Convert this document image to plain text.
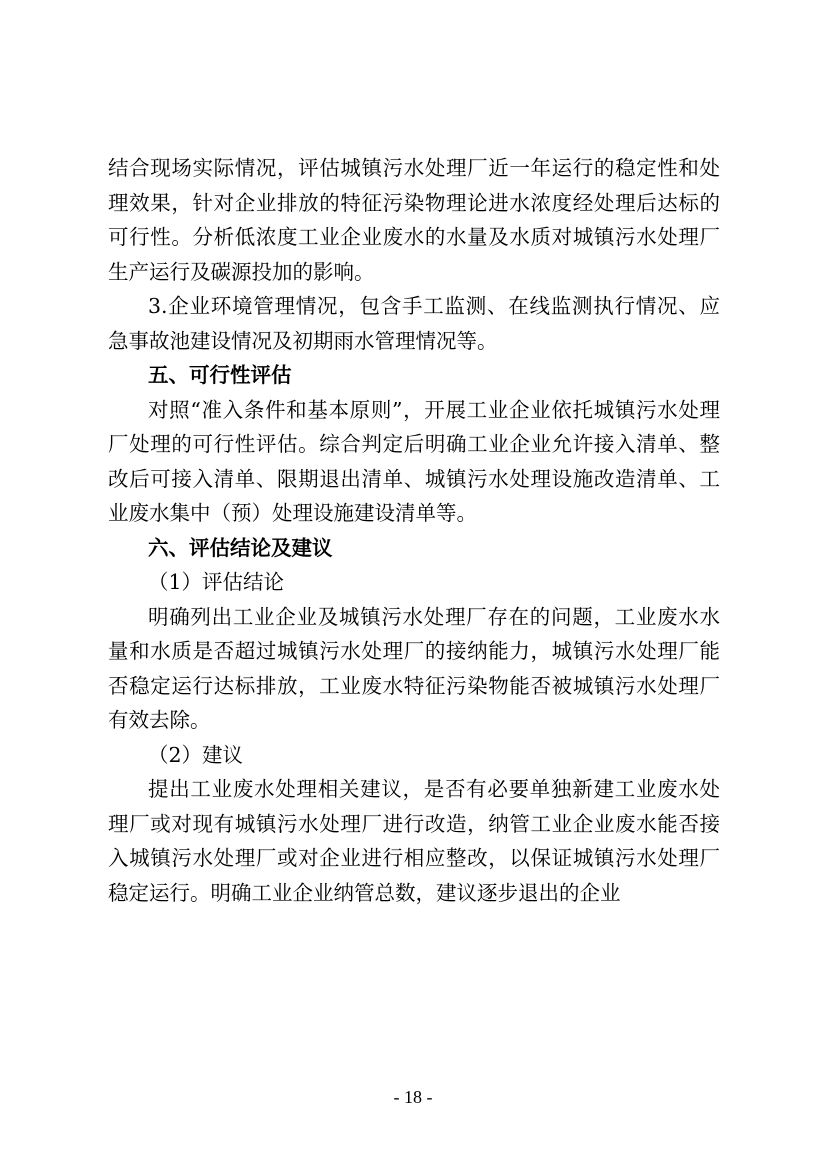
结合现场实际情况，评估城镇污水处理厂近一年运行的稳定性和处理效果，针对企业排放的特征污染物理论进水浓度经处理后达标的可行性。分析低浓度工业企业废水的水量及水质对城镇污水处理厂生产运行及碳源投加的影响。

3.企业环境管理情况，包含手工监测、在线监测执行情况、应急事故池建设情况及初期雨水管理情况等。

五、可行性评估

对照“准入条件和基本原则”，开展工业企业依托城镇污水处理厂处理的可行性评估。综合判定后明确工业企业允许接入清单、整改后可接入清单、限期退出清单、城镇污水处理设施改造清单、工业废水集中（预）处理设施建设清单等。

六、评估结论及建议

（1）评估结论

明确列出工业企业及城镇污水处理厂存在的问题，工业废水水量和水质是否超过城镇污水处理厂的接纳能力，城镇污水处理厂能否稳定运行达标排放，工业废水特征污染物能否被城镇污水处理厂有效去除。

（2）建议

提出工业废水处理相关建议，是否有必要单独新建工业废水处理厂或对现有城镇污水处理厂进行改造，纳管工业企业废水能否接入城镇污水处理厂或对企业进行相应整改，以保证城镇污水处理厂稳定运行。明确工业企业纳管总数，建议逐步退出的企业

- 18 -
